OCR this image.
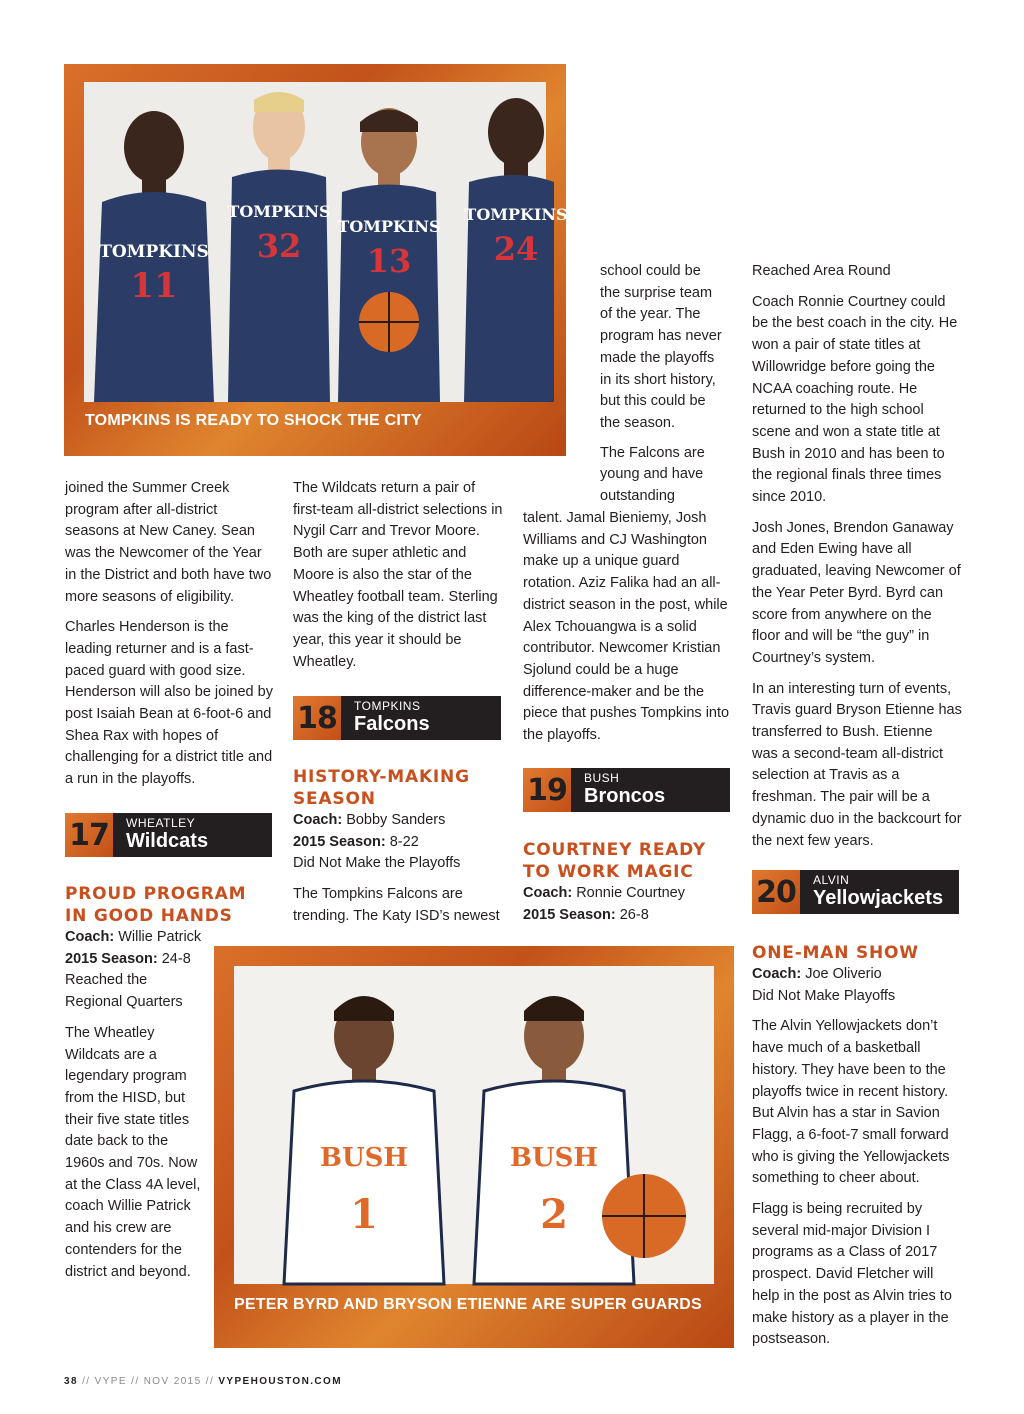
TOMPKINS
11
TOMPKINS
32
TOMPKINS
13
TOMPKINS
24
TOMPKINS IS READY TO SHOCK THE CITY

joined the Summer Creek program after all-district seasons at New Caney. Sean was the Newcomer of the Year in the District and both have two more seasons of eligibility.

Charles Henderson is the leading returner and is a fast-paced guard with good size. Henderson will also be joined by post Isaiah Bean at 6-foot-6 and Shea Rax with hopes of challenging for a district title and a run in the playoffs.

17	WHEATLEY
Wildcats
PROUD PROGRAM IN GOOD HANDS
Coach: Willie Patrick
2015 Season: 24-8

Reached the Regional Quarters

The Wheatley Wildcats are a legendary program from the HISD, but their five state titles date back to the 1960s and 70s. Now at the Class 4A level, coach Willie Patrick and his crew are contenders for the district and beyond.

The Wildcats return a pair of first-team all-district selections in Nygil Carr and Trevor Moore. Both are super athletic and Moore is also the star of the Wheatley football team. Sterling was the king of the district last year, this year it should be Wheatley.

18	TOMPKINS
Falcons
HISTORY-MAKING SEASON
Coach: Bobby Sanders
2015 Season: 8-22

Did Not Make the Playoffs

The Tompkins Falcons are trending. The Katy ISD’s newest

school could be
the surprise team
of the year. The
program has never
made the playoffs
in its short history,
but this could be
the season.
The Falcons are
young and have
outstanding

talent. Jamal Bieniemy, Josh Williams and CJ Washington make up a unique guard rotation. Aziz Falika had an all-district season in the post, while Alex Tchouangwa is a solid contributor. Newcomer Kristian Sjolund could be a huge difference-maker and be the piece that pushes Tompkins into the playoffs.

19	BUSH
Broncos
COURTNEY READY TO WORK MAGIC
Coach: Ronnie Courtney
2015 Season: 26-8

Reached Area Round

Coach Ronnie Courtney could be the best coach in the city. He won a pair of state titles at Willowridge before going the NCAA coaching route. He returned to the high school scene and won a state title at Bush in 2010 and has been to the regional finals three times since 2010.

Josh Jones, Brendon Ganaway and Eden Ewing have all graduated, leaving Newcomer of the Year Peter Byrd. Byrd can score from anywhere on the floor and will be “the guy” in Courtney’s system.

In an interesting turn of events, Travis guard Bryson Etienne has transferred to Bush. Etienne was a second-team all-district selection at Travis as a freshman. The pair will be a dynamic duo in the backcourt for the next few years.

20	ALVIN
Yellowjackets
ONE-MAN SHOW
Coach: Joe Oliverio

Did Not Make Playoffs

The Alvin Yellowjackets don’t have much of a basketball history. They have been to the playoffs twice in recent history. But Alvin has a star in Savion Flagg, a 6-foot-7 small forward who is giving the Yellowjackets something to cheer about.

Flagg is being recruited by several mid-major Division I programs as a Class of 2017 prospect. David Fletcher will help in the post as Alvin tries to make history as a player in the postseason.

BUSH
1
BUSH
2
PETER BYRD AND BRYSON ETIENNE ARE SUPER GUARDS
38 // VYPE // NOV 2015 // VYPEHOUSTON.COM
